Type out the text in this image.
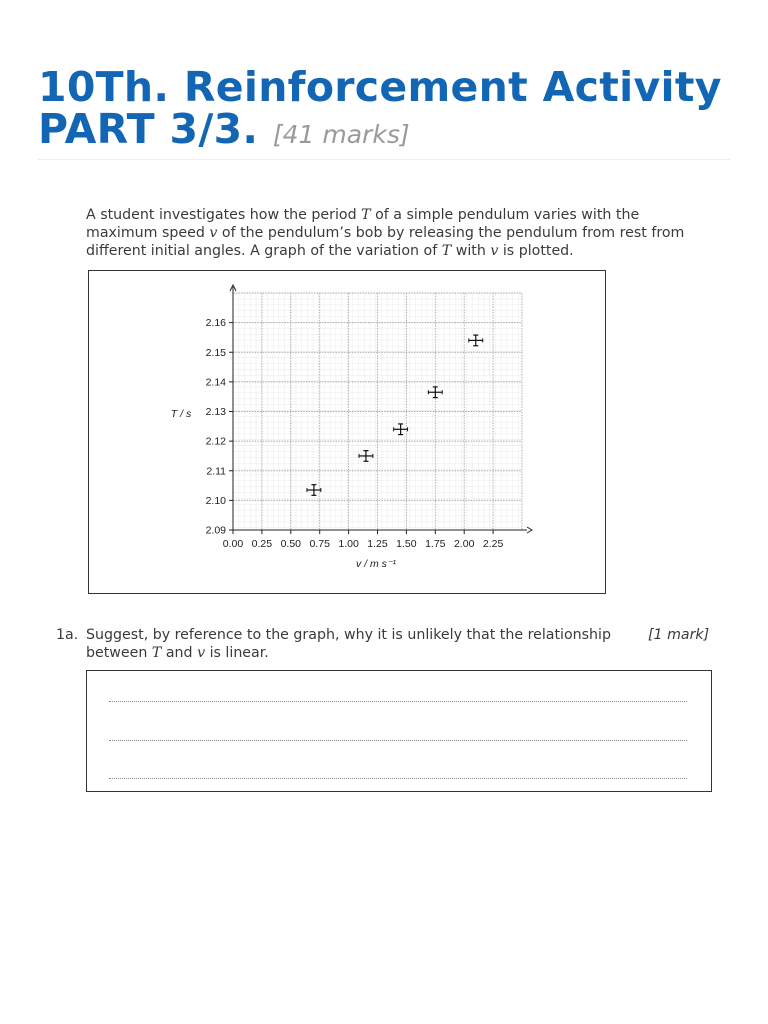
10Th. Reinforcement Activity
PART 3/3. [41 marks]
A student investigates how the period T of a simple pendulum varies with the maximum speed v of the pendulum’s bob by releasing the pendulum from rest from different initial angles. A graph of the variation of T with v is plotted.
0.00 0.25 0.50 0.75 1.00 1.25 1.50 1.75 2.00 2.25
2.09
2.10
2.11
2.12
2.13
2.14
2.15
2.16
T / s
v / m s⁻¹
1a. Suggest, by reference to the graph, why it is unlikely that the relationship between T and v is linear.
[1 mark]
